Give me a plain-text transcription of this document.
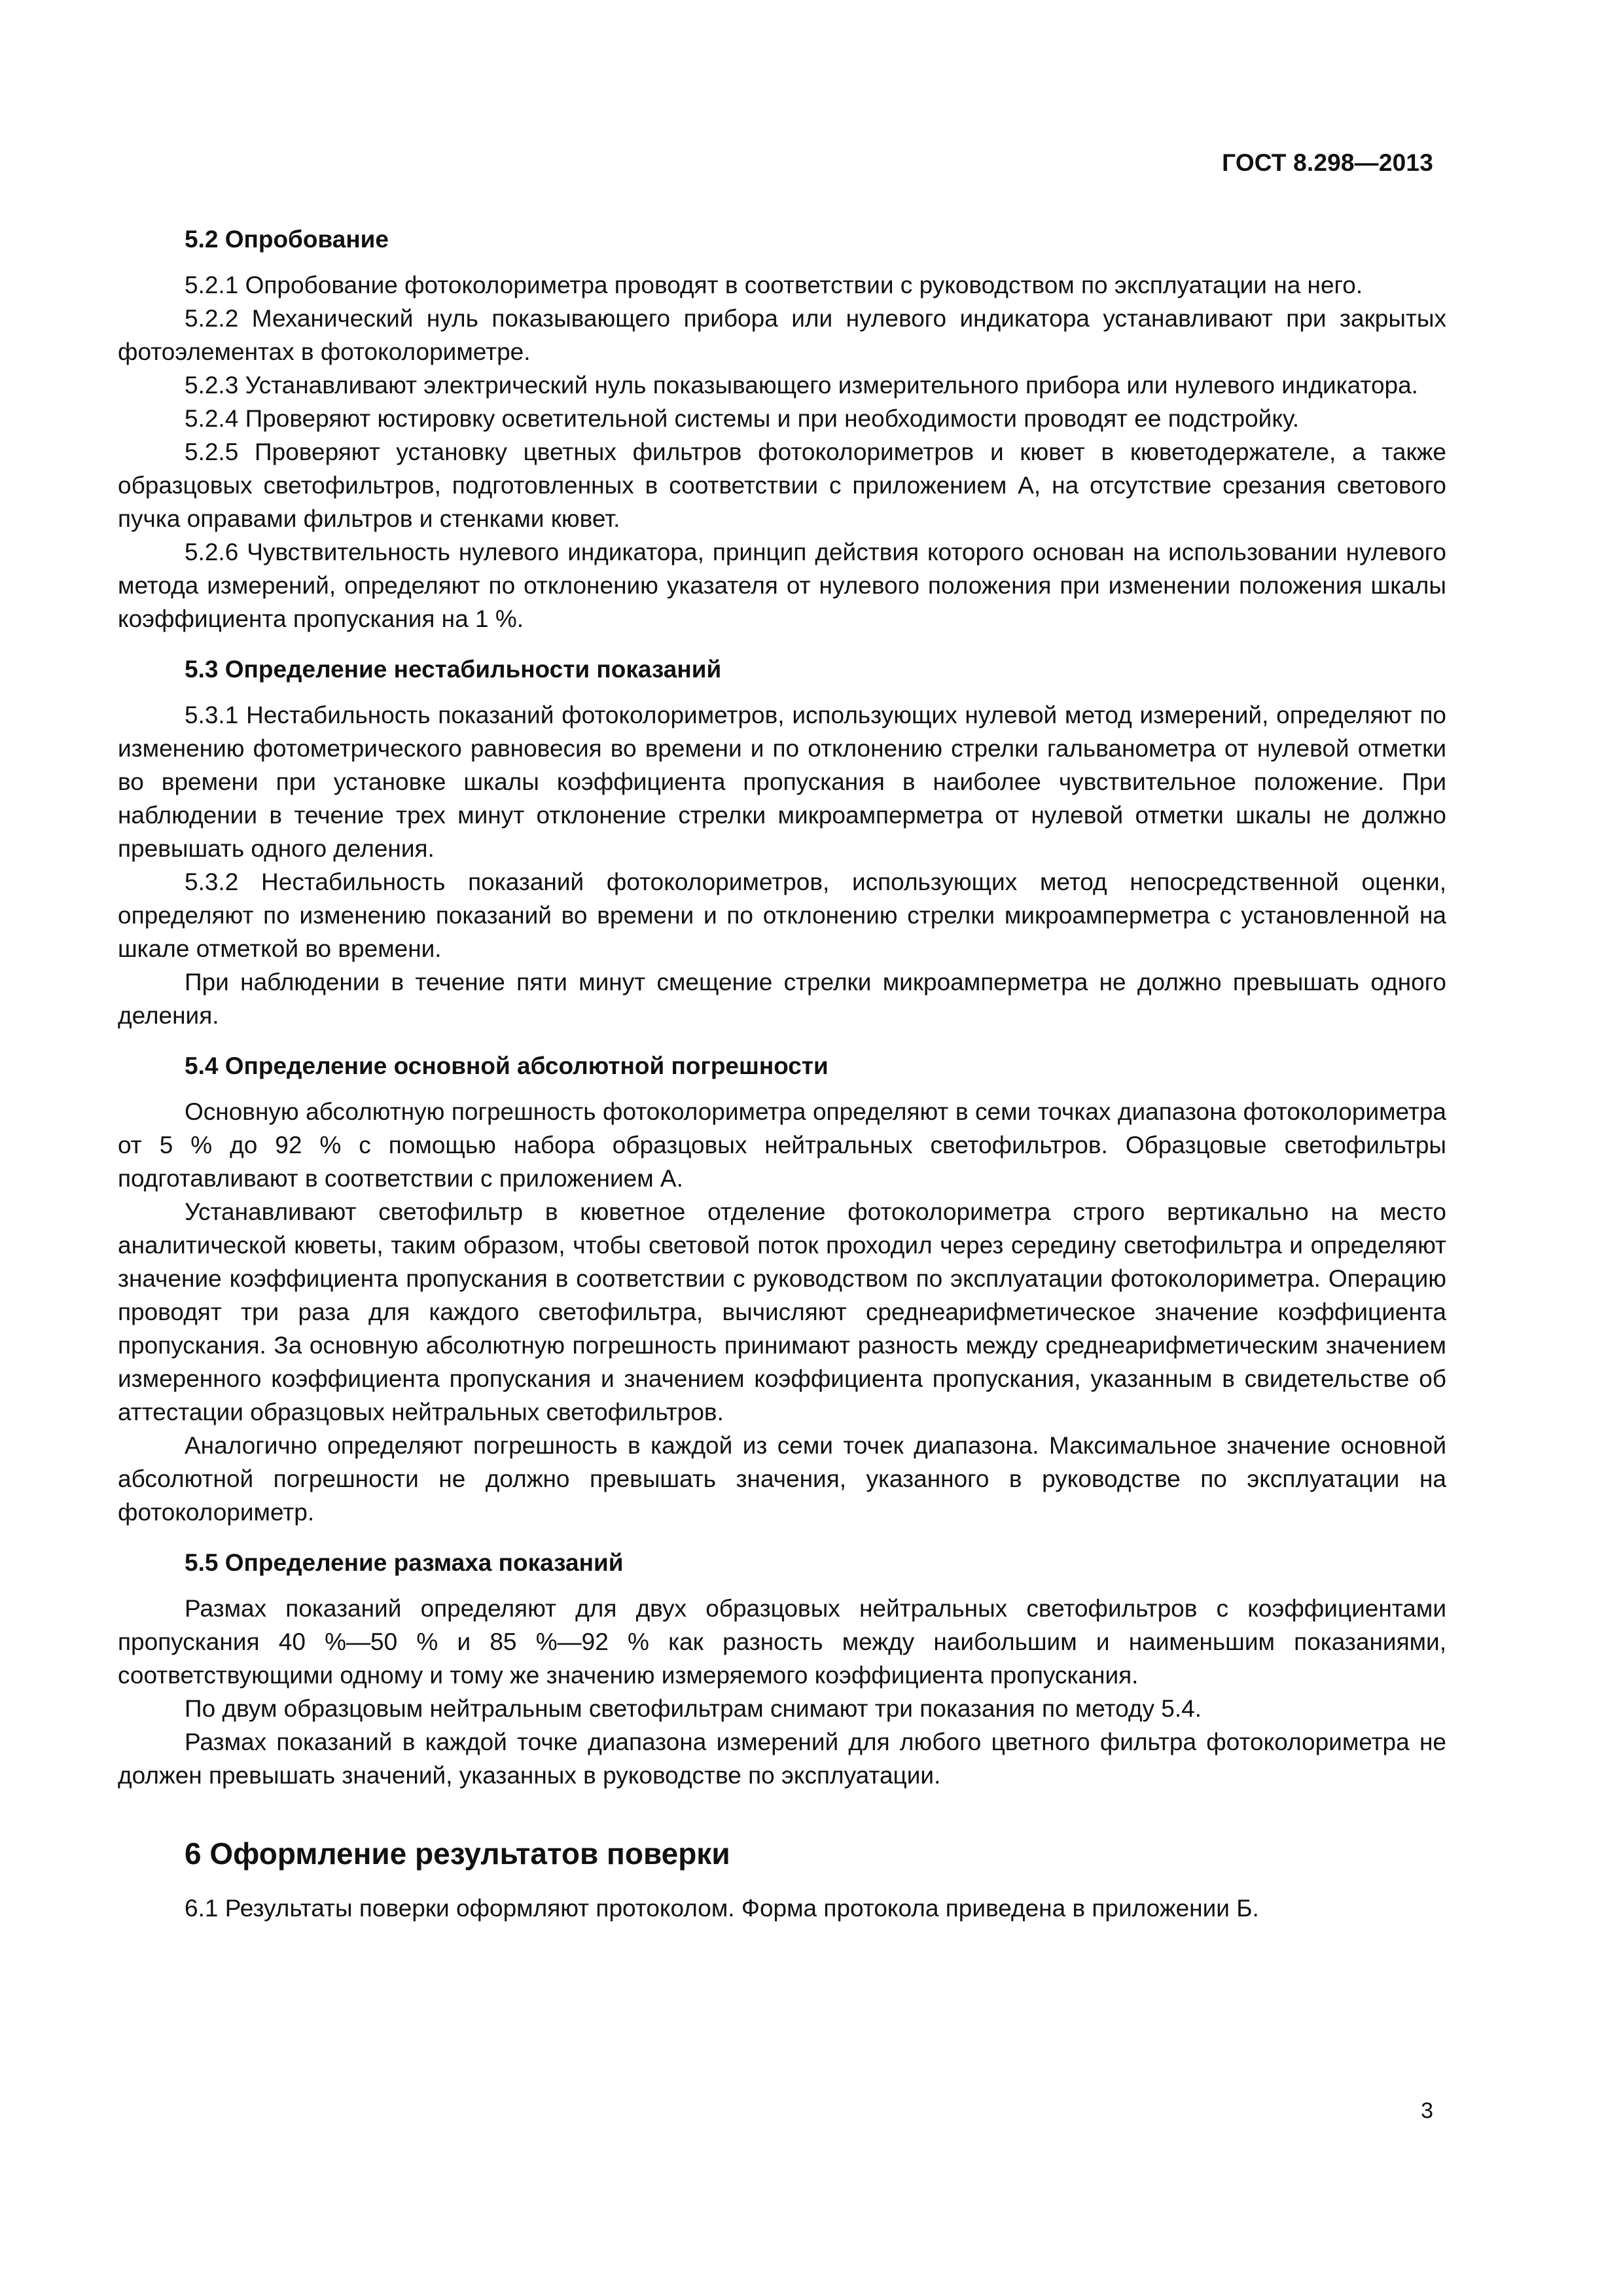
ГОСТ 8.298—2013
5.2 Опробование

5.2.1 Опробование фотоколориметра проводят в соответствии с руководством по эксплуатации на него.

5.2.2 Механический нуль показывающего прибора или нулевого индикатора устанавливают при закрытых фотоэлементах в фотоколориметре.

5.2.3 Устанавливают электрический нуль показывающего измерительного прибора или нулевого индикатора.

5.2.4 Проверяют юстировку осветительной системы и при необходимости проводят ее подстройку.

5.2.5 Проверяют установку цветных фильтров фотоколориметров и кювет в кюветодержателе, а также образцовых светофильтров, подготовленных в соответствии с приложением А, на отсутствие срезания светового пучка оправами фильтров и стенками кювет.

5.2.6 Чувствительность нулевого индикатора, принцип действия которого основан на использовании нулевого метода измерений, определяют по отклонению указателя от нулевого положения при изменении положения шкалы коэффициента пропускания на 1 %.

5.3 Определение нестабильности показаний

5.3.1 Нестабильность показаний фотоколориметров, использующих нулевой метод измерений, определяют по изменению фотометрического равновесия во времени и по отклонению стрелки гальванометра от нулевой отметки во времени при установке шкалы коэффициента пропускания в наиболее чувствительное положение. При наблюдении в течение трех минут отклонение стрелки микроамперметра от нулевой отметки шкалы не должно превышать одного деления.

5.3.2 Нестабильность показаний фотоколориметров, использующих метод непосредственной оценки, определяют по изменению показаний во времени и по отклонению стрелки микроамперметра с установленной на шкале отметкой во времени.

При наблюдении в течение пяти минут смещение стрелки микроамперметра не должно превышать одного деления.

5.4 Определение основной абсолютной погрешности

Основную абсолютную погрешность фотоколориметра определяют в семи точках диапазона фотоколориметра от 5 % до 92 % с помощью набора образцовых нейтральных светофильтров. Образцовые светофильтры подготавливают в соответствии с приложением А.

Устанавливают светофильтр в кюветное отделение фотоколориметра строго вертикально на место аналитической кюветы, таким образом, чтобы световой поток проходил через середину светофильтра и определяют значение коэффициента пропускания в соответствии с руководством по эксплуатации фотоколориметра. Операцию проводят три раза для каждого светофильтра, вычисляют среднеарифметическое значение коэффициента пропускания. За основную абсолютную погрешность принимают разность между среднеарифметическим значением измеренного коэффициента пропускания и значением коэффициента пропускания, указанным в свидетельстве об аттестации образцовых нейтральных светофильтров.

Аналогично определяют погрешность в каждой из семи точек диапазона. Максимальное значение основной абсолютной погрешности не должно превышать значения, указанного в руководстве по эксплуатации на фотоколориметр.

5.5 Определение размаха показаний

Размах показаний определяют для двух образцовых нейтральных светофильтров с коэффициентами пропускания 40 %—50 % и 85 %—92 % как разность между наибольшим и наименьшим показаниями, соответствующими одному и тому же значению измеряемого коэффициента пропускания.

По двум образцовым нейтральным светофильтрам снимают три показания по методу 5.4.

Размах показаний в каждой точке диапазона измерений для любого цветного фильтра фотоколориметра не должен превышать значений, указанных в руководстве по эксплуатации.

6 Оформление результатов поверки

6.1 Результаты поверки оформляют протоколом. Форма протокола приведена в приложении Б.

3
